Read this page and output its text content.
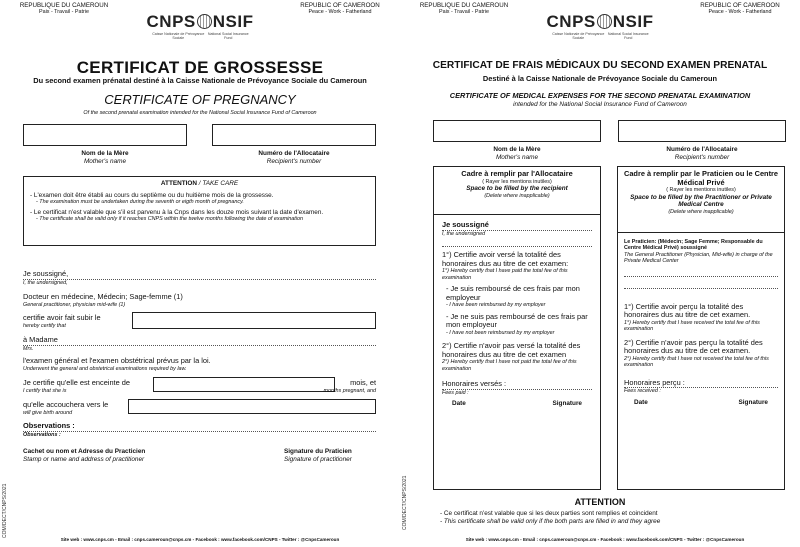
REPUBLIQUE DU CAMEROUN
Paix - Travail - Patrie
REPUBLIC OF CAMEROON
Peace - Work - Fatherland
CNPS NSIF
Caisse Nationale de Prévoyance Sociale
National Social Insurance Fund
CERTIFICAT DE GROSSESSE
Du second examen prénatal destiné à la Caisse Nationale de Prévoyance Sociale du Cameroun
CERTIFICATE OF PREGNANCY
Of the second prenatal examination intended for the National Social Insurance Fund of Cameroon
Nom de la Mère
Mother's name
Numéro de l'Allocataire
Recipient's number
ATTENTION / TAKE CARE
- L'examen doit être établi au cours du septième ou du huitième mois de la grossesse.
- The examination must be undertaken during the seventh or eigth month of pregnancy.
- Le certificat n'est valable que s'il est parvenu à la Cnps dans les douze mois suivant la date d'examen.
- The certificate shall be valid only if it reaches CNPS within the twelve months following the date of examination
Je soussigné,
I, the undersigned,
Docteur en médecine, Médecin; Sage-femme (1)
General practitioner, physician mid-wife (1)
certifie avoir fait subir le
hereby certify that
à Madame
Mrs.
l'examen général et l'examen obstétrical prévus par la loi.
Underwent the general and obstetrical examinations required by law.
Je certifie qu'elle est enceinte de
I certify that she is
mois, et
months pregnant, and
qu'elle accouchera vers le
will give birth around
Observations :
Observations :
Cachet ou nom et Adresse du Practicien
Stamp or name and address of practitioner
Signature du Praticien
Signature of practitioner
COM/DECT/CNPS/2021
Site web : www.cnps.cm - Email : cnps.cameroun@cnps.cm - Facebook : www.facebook.com/CNPS - Twitter : @CnpsCameroun
REPUBLIQUE DU CAMEROUN
Paix - Travail - Patrie
REPUBLIC OF CAMEROON
Peace - Work - Fatherland
CNPS NSIF
Caisse Nationale de Prévoyance Sociale
National Social Insurance Fund
CERTIFICAT DE FRAIS MÉDICAUX DU SECOND EXAMEN PRENATAL
Destiné à la Caisse Nationale de Prévoyance Sociale du Cameroun
CERTIFICATE OF MEDICAL EXPENSES FOR THE SECOND PRENATAL EXAMINATION
intended for the National Social Insurance Fund of Cameroon
Nom de la Mère
Mother's name
Numéro de l'Allocataire
Recipient's number
Cadre à remplir par l'Allocataire
( Rayer les mentions inutiles)
Space to be filled by the recipient
(Delete where inapplicable)
Je soussigné
I, the undersigned
1°) Certifie avoir versé la totalité des honoraires dus au titre de cet examen:
1°) Hereby certify that I have paid the total fee of this examination
- Je suis remboursé de ces frais par mon employeur
- I have been reimbursed by my employer
- Je ne suis pas remboursé de ces frais par mon employeur
- I have not been reimbursed by my employer
2°) Certifie n'avoir pas versé la totalité des honoraires dus au titre de cet examen
2°) Hereby certify that I have not paid the total fee of this examination
Honoraires versés :
Fees paid :
Date	Signature
Cadre à remplir par le Praticien ou le Centre Médical Privé
( Rayer les mentions inutiles)
Space to be filled by the Practitioner or Private Medical Centre
(Delete where inapplicable)
Le Praticien: (Médecin; Sage Femme; Responsable du Centre Médical Privé) soussigné
The General Practitioner (Physician, Mid-wife) in charge of the Private Medical Center
1°) Certifie avoir perçu la totalité des honoraires dus au titre de cet examen.
1°) Hereby certify that I have received the total fee of this examination
2°) Certifie n'avoir pas perçu la totalité des honoraires dus au titre de cet examen.
2°) Hereby certify that I have not received the total fee of this examination
Honoraires perçu :
Fees received :
Date	Signature
ATTENTION
- Ce certificat n'est valable que si les deux parties sont remplies et coincident
- This certificate shall be valid only if the both parts are filled in and they agree
COM/DECT/CNPS/2021
Site web : www.cnps.cm - Email : cnps.cameroun@cnps.cm - Facebook : www.facebook.com/CNPS - Twitter : @CnpsCameroun
